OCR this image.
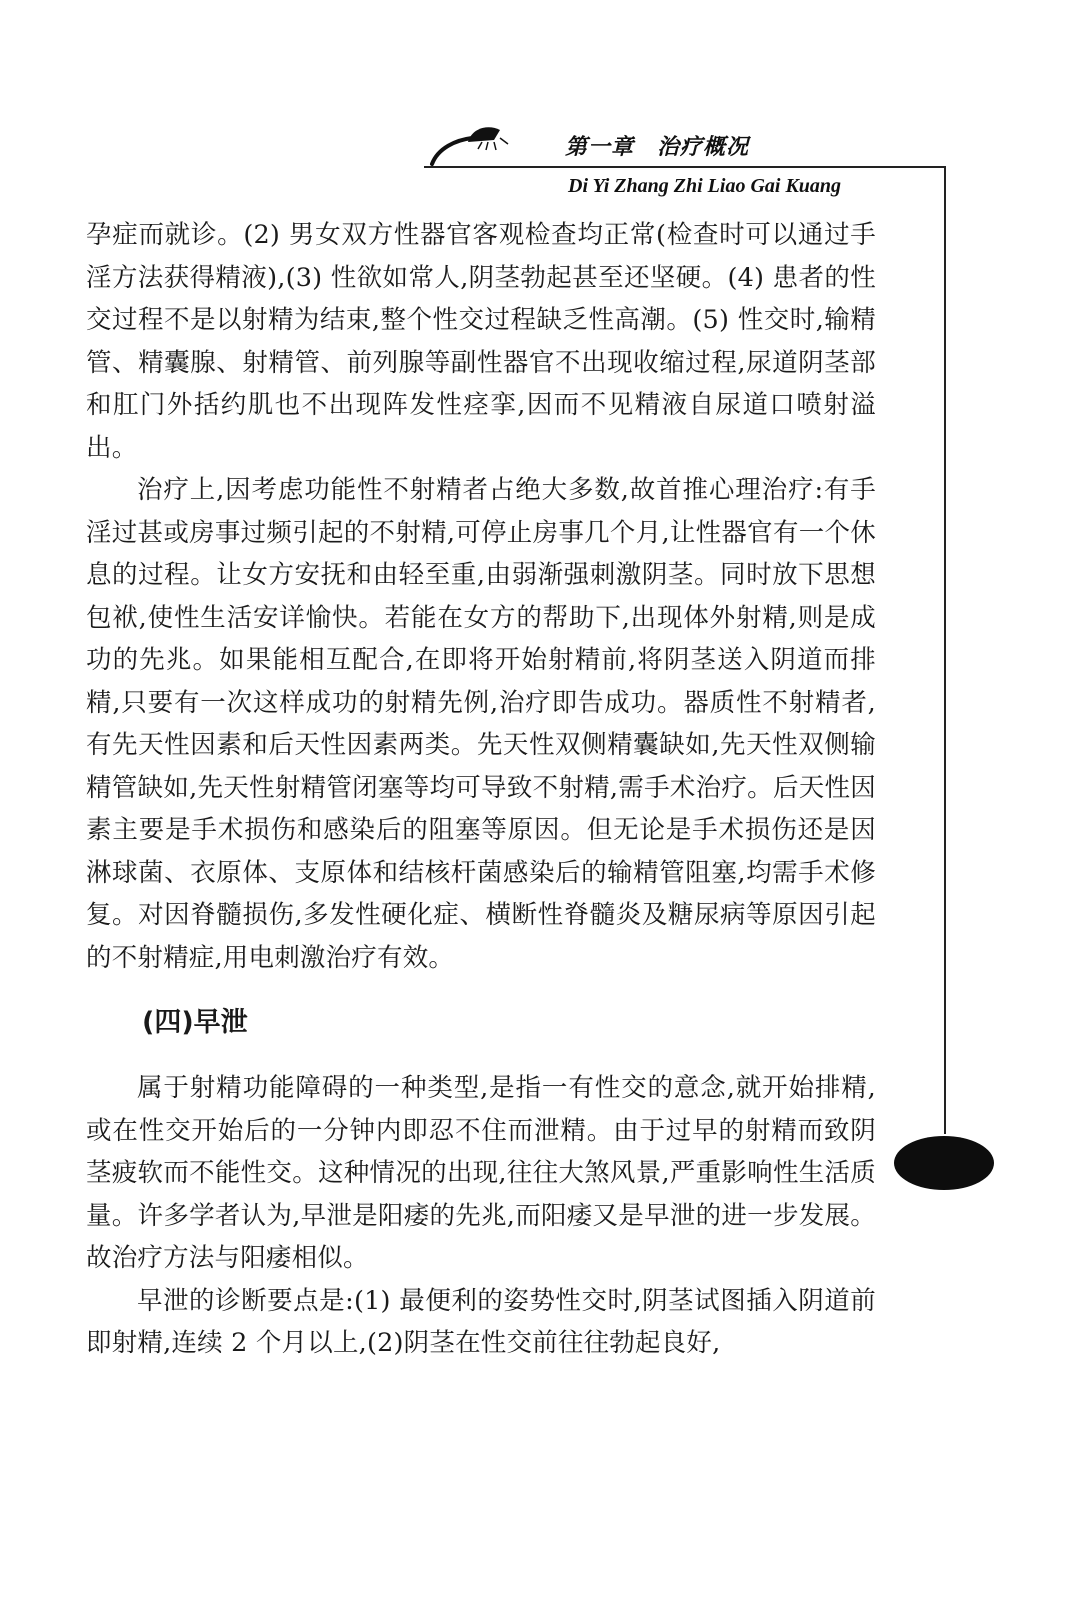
第一章　治疗概况
Di Yi Zhang Zhi Liao Gai Kuang

孕症而就诊。(2) 男女双方性器官客观检查均正常(检查时可以通过手淫方法获得精液),(3) 性欲如常人,阴茎勃起甚至还坚硬。(4) 患者的性交过程不是以射精为结束,整个性交过程缺乏性高潮。(5) 性交时,输精管、精囊腺、射精管、前列腺等副性器官不出现收缩过程,尿道阴茎部和肛门外括约肌也不出现阵发性痉挛,因而不见精液自尿道口喷射溢出。

治疗上,因考虑功能性不射精者占绝大多数,故首推心理治疗:有手淫过甚或房事过频引起的不射精,可停止房事几个月,让性器官有一个休息的过程。让女方安抚和由轻至重,由弱渐强刺激阴茎。同时放下思想包袱,使性生活安详愉快。若能在女方的帮助下,出现体外射精,则是成功的先兆。如果能相互配合,在即将开始射精前,将阴茎送入阴道而排精,只要有一次这样成功的射精先例,治疗即告成功。器质性不射精者,有先天性因素和后天性因素两类。先天性双侧精囊缺如,先天性双侧输精管缺如,先天性射精管闭塞等均可导致不射精,需手术治疗。后天性因素主要是手术损伤和感染后的阻塞等原因。但无论是手术损伤还是因淋球菌、衣原体、支原体和结核杆菌感染后的输精管阻塞,均需手术修复。对因脊髓损伤,多发性硬化症、横断性脊髓炎及糖尿病等原因引起的不射精症,用电刺激治疗有效。

(四)早泄

属于射精功能障碍的一种类型,是指一有性交的意念,就开始排精,或在性交开始后的一分钟内即忍不住而泄精。由于过早的射精而致阴茎疲软而不能性交。这种情况的出现,往往大煞风景,严重影响性生活质量。许多学者认为,早泄是阳痿的先兆,而阳痿又是早泄的进一步发展。故治疗方法与阳痿相似。

早泄的诊断要点是:(1) 最便利的姿势性交时,阴茎试图插入阴道前即射精,连续 2 个月以上,(2)阴茎在性交前往往勃起良好,
